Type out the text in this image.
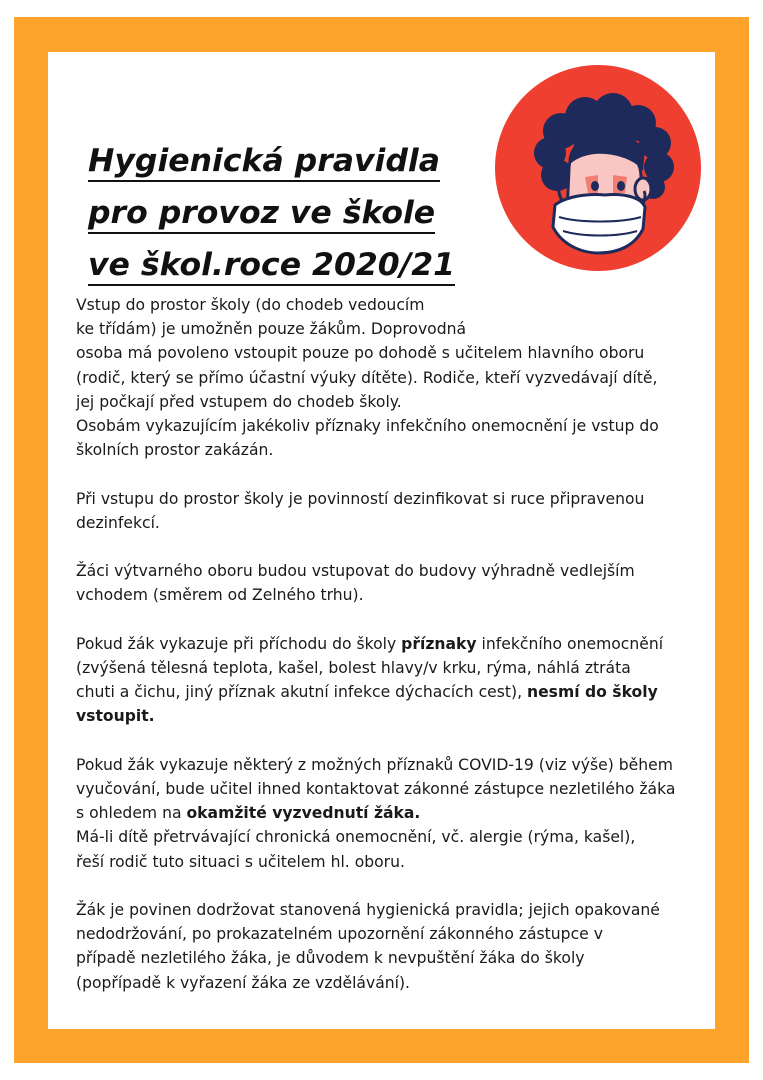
Hygienická pravidla
pro provoz ve škole
ve škol.roce 2020/21

Vstup do prostor školy (do chodeb vedoucím
ke třídám) je umožněn pouze žákům. Doprovodná
osoba má povoleno vstoupit pouze po dohodě s učitelem hlavního oboru
(rodič, který se přímo účastní výuky dítěte). Rodiče, kteří vyzvedávají dítě,
jej počkají před vstupem do chodeb školy.
Osobám vykazujícím jakékoliv příznaky infekčního onemocnění je vstup do
školních prostor zakázán.

Při vstupu do prostor školy je povinností dezinfikovat si ruce připravenou
dezinfekcí.

Žáci výtvarného oboru budou vstupovat do budovy výhradně vedlejším
vchodem (směrem od Zelného trhu).

Pokud žák vykazuje při příchodu do školy příznaky infekčního onemocnění
(zvýšená tělesná teplota, kašel, bolest hlavy/v krku, rýma, náhlá ztráta
chuti a čichu, jiný příznak akutní infekce dýchacích cest), nesmí do školy
vstoupit.

Pokud žák vykazuje některý z možných příznaků COVID-19 (viz výše) během
vyučování, bude učitel ihned kontaktovat zákonné zástupce nezletilého žáka
s ohledem na okamžité vyzvednutí žáka.
Má-li dítě přetrvávající chronická onemocnění, vč. alergie (rýma, kašel),
řeší rodič tuto situaci s učitelem hl. oboru.

Žák je povinen dodržovat stanovená hygienická pravidla; jejich opakované
nedodržování, po prokazatelném upozornění zákonného zástupce v
případě nezletilého žáka, je důvodem k nevpuštění žáka do školy
(popřípadě k vyřazení žáka ze vzdělávání).
